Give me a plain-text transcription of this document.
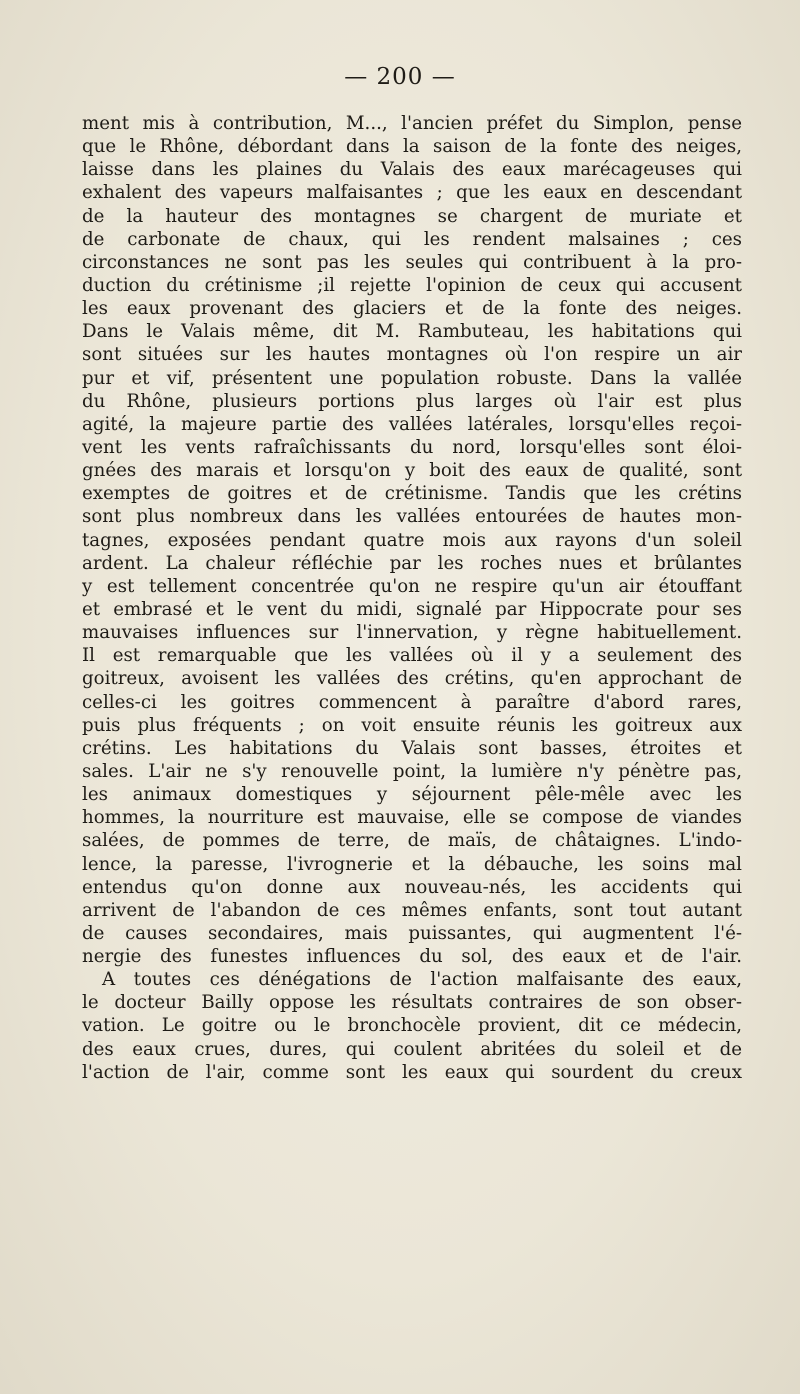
— 200 —
ment mis à contribution, M..., l'ancien préfet du Simplon, pense
que le Rhône, débordant dans la saison de la fonte des neiges,
laisse dans les plaines du Valais des eaux marécageuses qui
exhalent des vapeurs malfaisantes ; que les eaux en descendant
de la hauteur des montagnes se chargent de muriate et
de carbonate de chaux, qui les rendent malsaines ; ces
circonstances ne sont pas les seules qui contribuent à la pro-
duction du crétinisme ;il rejette l'opinion de ceux qui accusent
les eaux provenant des glaciers et de la fonte des neiges.
Dans le Valais même, dit M. Rambuteau, les habitations qui
sont situées sur les hautes montagnes où l'on respire un air
pur et vif, présentent une population robuste. Dans la vallée
du Rhône, plusieurs portions plus larges où l'air est plus
agité, la majeure partie des vallées latérales, lorsqu'elles reçoi-
vent les vents rafraîchissants du nord, lorsqu'elles sont éloi-
gnées des marais et lorsqu'on y boit des eaux de qualité, sont
exemptes de goitres et de crétinisme. Tandis que les crétins
sont plus nombreux dans les vallées entourées de hautes mon-
tagnes, exposées pendant quatre mois aux rayons d'un soleil
ardent. La chaleur réfléchie par les roches nues et brûlantes
y est tellement concentrée qu'on ne respire qu'un air étouffant
et embrasé et le vent du midi, signalé par Hippocrate pour ses
mauvaises influences sur l'innervation, y règne habituellement.
Il est remarquable que les vallées où il y a seulement des
goitreux, avoisent les vallées des crétins, qu'en approchant de
celles-ci les goitres commencent à paraître d'abord rares,
puis plus fréquents ; on voit ensuite réunis les goitreux aux
crétins. Les habitations du Valais sont basses, étroites et
sales. L'air ne s'y renouvelle point, la lumière n'y pénètre pas,
les animaux domestiques y séjournent pêle-mêle avec les
hommes, la nourriture est mauvaise, elle se compose de viandes
salées, de pommes de terre, de maïs, de châtaignes. L'indo-
lence, la paresse, l'ivrognerie et la débauche, les soins mal
entendus qu'on donne aux nouveau-nés, les accidents qui
arrivent de l'abandon de ces mêmes enfants, sont tout autant
de causes secondaires, mais puissantes, qui augmentent l'é-
nergie des funestes influences du sol, des eaux et de l'air.
A toutes ces dénégations de l'action malfaisante des eaux,
le docteur Bailly oppose les résultats contraires de son obser-
vation. Le goitre ou le bronchocèle provient, dit ce médecin,
des eaux crues, dures, qui coulent abritées du soleil et de
l'action de l'air, comme sont les eaux qui sourdent du creux
